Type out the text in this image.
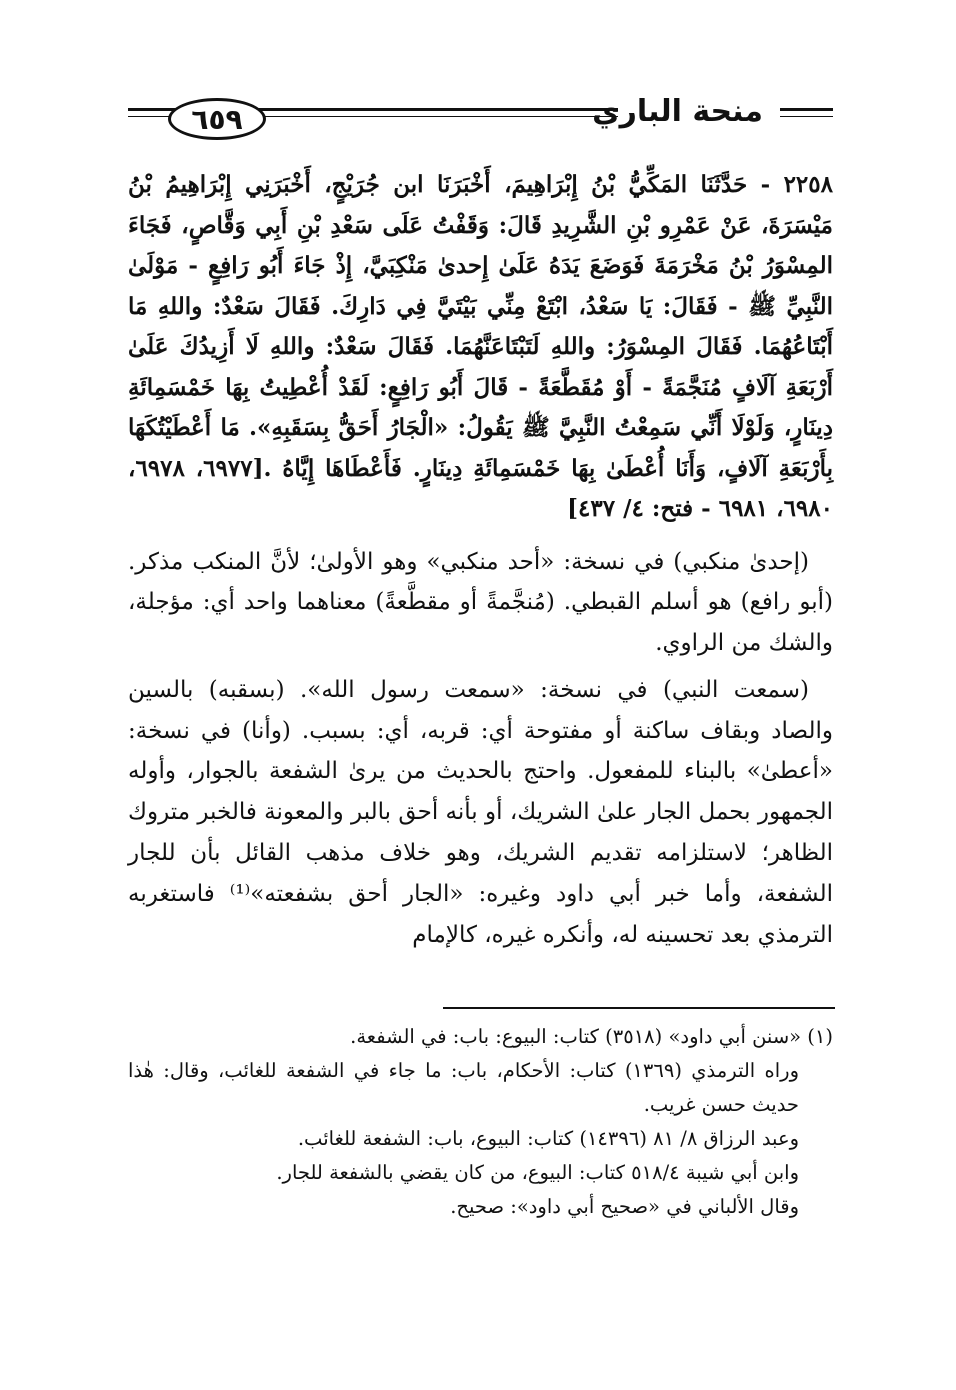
٦٥٩	منحة الباري

٢٢٥٨ - حَدَّثَنَا المَكِّيُّ بْنُ إِبْرَاهِيمَ، أَخْبَرَنَا ابن جُرَيْجٍ، أَخْبَرَنِي إِبْرَاهِيمُ بْنُ مَيْسَرَةَ، عَنْ عَمْرِو بْنِ الشَّرِيدِ قَالَ: وَقَفْتُ عَلَى سَعْدِ بْنِ أَبِي وَقَّاصٍ، فَجَاءَ المِسْوَرُ بْنُ مَخْرَمَةَ فَوَضَعَ يَدَهُ عَلَىٰ إِحدىٰ مَنْكِبَيَّ، إِذْ جَاءَ أَبُو رَافِعٍ - مَوْلَىٰ النَّبِيِّ ﷺ - فَقَالَ: يَا سَعْدُ، ابْتَعْ مِنِّي بَيْتَيَّ فِي دَارِكَ. فَقَالَ سَعْدٌ: واللهِ مَا أَبْتَاعُهُمَا. فَقَالَ المِسْوَرُ: واللهِ لَتَبْتَاعَنَّهُمَا. فَقَالَ سَعْدٌ: واللهِ لَا أَزِيدُكَ عَلَىٰ أَرْبَعَةِ آلَافٍ مُنَجَّمَةً - أَوْ مُقَطَّعَةً - قَالَ أَبُو رَافِعٍ: لَقَدْ أُعْطِيتُ بِهَا خَمْسَمِائَةِ دِينَارٍ، وَلَوْلَا أَنِّي سَمِعْتُ النَّبِيَّ ﷺ يَقُولُ: «الْجَارُ أَحَقُّ بِسَقَبِهِ». مَا أَعْطَيْتُكَهَا بِأَرْبَعَةِ آلَافٍ، وَأَنَا أُعْطَىٰ بِهَا خَمْسَمِائَةِ دِينَارٍ. فَأَعْطَاهَا إِيَّاهُ .[٦٩٧٧، ٦٩٧٨، ٦٩٨٠، ٦٩٨١ - فتح: ٤/ ٤٣٧]

(إحدىٰ منكبي) في نسخة: «أحد منكبي» وهو الأولىٰ؛ لأنَّ المنكب مذكر. (أبو رافع) هو أسلم القبطي. (مُنجَّمةً أو مقطَّعةً) معناهما واحد أي: مؤجلة، والشك من الراوي.

(سمعت النبي) في نسخة: «سمعت رسول الله». (بسقبه) بالسين والصاد وبقاف ساكنة أو مفتوحة أي: قربه، أي: بسبب. (وأنا) في نسخة: «أعطىٰ» بالبناء للمفعول. واحتج بالحديث من يرىٰ الشفعة بالجوار، وأوله الجمهور بحمل الجار علىٰ الشريك، أو بأنه أحق بالبر والمعونة فالخبر متروك الظاهر؛ لاستلزامه تقديم الشريك، وهو خلاف مذهب القائل بأن للجار الشفعة، وأما خبر أبي داود وغيره: «الجار أحق بشفعته»⁽¹⁾ فاستغربه الترمذي بعد تحسينه له، وأنكره غيره، كالإمام

(١) «سنن أبي داود» (٣٥١٨) كتاب: البيوع: باب: في الشفعة.

وراه الترمذي (١٣٦٩) كتاب: الأحكام، باب: ما جاء في الشفعة للغائب، وقال: هٰذا حديث حسن غريب.

وعبد الرزاق ٨/ ٨١ (١٤٣٩٦) كتاب: البيوع، باب: الشفعة للغائب.

وابن أبي شيبة ٥١٨/٤ كتاب: البيوع، من كان يقضي بالشفعة للجار.

وقال الألباني في «صحيح أبي داود»: صحيح.
